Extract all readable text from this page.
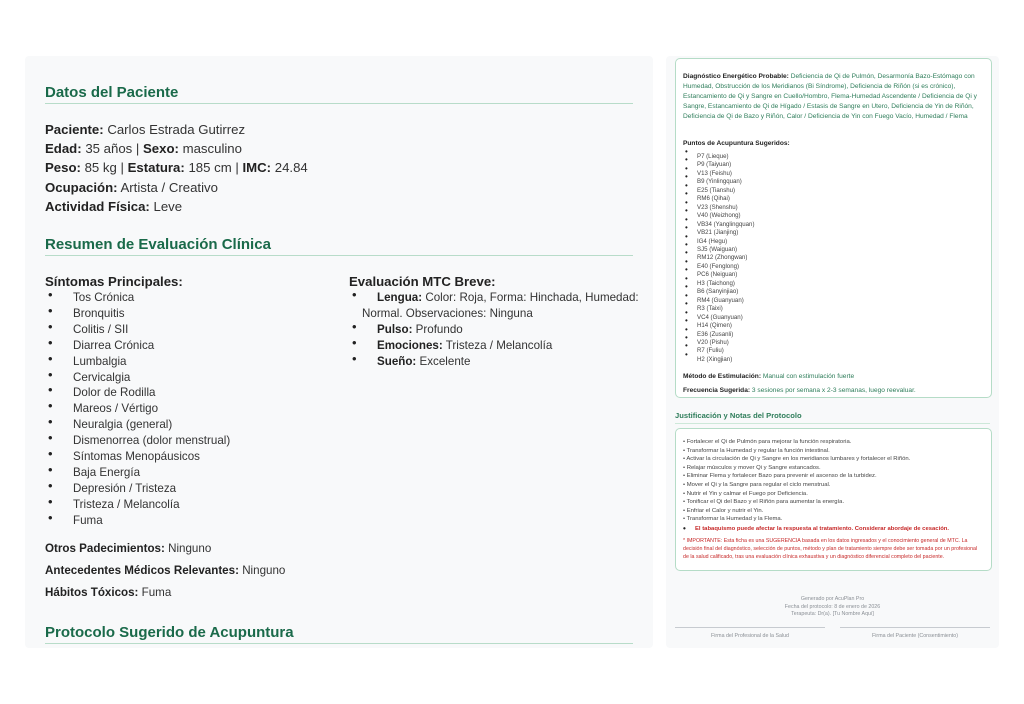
Datos del Paciente
Paciente: Carlos Estrada Gutirrez
Edad: 35 años | Sexo: masculino
Peso: 85 kg | Estatura: 185 cm | IMC: 24.84
Ocupación: Artista / Creativo
Actividad Física: Leve
Resumen de Evaluación Clínica
Síntomas Principales:
• Tos Crónica
• Bronquitis
• Colitis / SII
• Diarrea Crónica
• Lumbalgia
• Cervicalgia
• Dolor de Rodilla
• Mareos / Vértigo
• Neuralgia (general)
• Dismenorrea (dolor menstrual)
• Síntomas Menopáusicos
• Baja Energía
• Depresión / Tristeza
• Tristeza / Melancolía
• Fuma
Evaluación MTC Breve:
• Lengua: Color: Roja, Forma: Hinchada, Humedad: Normal. Observaciones: Ninguna
• Pulso: Profundo
• Emociones: Tristeza / Melancolía
• Sueño: Excelente
Otros Padecimientos: Ninguno
Antecedentes Médicos Relevantes: Ninguno
Hábitos Tóxicos: Fuma
Protocolo Sugerido de Acupuntura
Diagnóstico Energético Probable: Deficiencia de Qi de Pulmón, Desarmonía Bazo-Estómago con Humedad, Obstrucción de los Meridianos (Bi Síndrome), Deficiencia de Riñón (si es crónico), Estancamiento de Qi y Sangre en Cuello/Hombro, Flema-Humedad Ascendente / Deficiencia de Qi y Sangre, Estancamiento de Qi de Hígado / Estasis de Sangre en Utero, Deficiencia de Yin de Riñón, Deficiencia de Qi de Bazo y Riñón, Calor / Deficiencia de Yin con Fuego Vacío, Humedad / Flema
Puntos de Acupuntura Sugeridos:
• P7 (Lieque)
• P9 (Taiyuan)
• V13 (Feishu)
• B9 (Yinlingquan)
• E25 (Tianshu)
• RM6 (Qihai)
• V23 (Shenshu)
• V40 (Weizhong)
• VB34 (Yanglingquan)
• VB21 (Jianjing)
• IG4 (Hegu)
• SJ5 (Waiguan)
• RM12 (Zhongwan)
• E40 (Fenglong)
• PC6 (Neiguan)
• H3 (Taichong)
• B6 (Sanyinjiao)
• RM4 (Guanyuan)
• R3 (Taixi)
• VC4 (Guanyuan)
• H14 (Qimen)
• E36 (Zusanli)
• V20 (Pishu)
• R7 (Fuliu)
• H2 (Xingjian)
Método de Estimulación: Manual con estimulación fuerte
Frecuencia Sugerida: 3 sesiones por semana x 2-3 semanas, luego reevaluar.
Justificación y Notas del Protocolo
• Fortalecer el Qi de Pulmón para mejorar la función respiratoria.
• Transformar la Humedad y regular la función intestinal.
• Activar la circulación de Qi y Sangre en los meridianos lumbares y fortalecer el Riñón.
• Relajar músculos y mover Qi y Sangre estancados.
• Eliminar Flema y fortalecer Bazo para prevenir el ascenso de la turbidez.
• Mover el Qi y la Sangre para regular el ciclo menstrual.
• Nutrir el Yin y calmar el Fuego por Deficiencia.
• Tonificar el Qi del Bazo y el Riñón para aumentar la energía.
• Enfriar el Calor y nutrir el Yin.
• Transformar la Humedad y la Flema.
• El tabaquismo puede afectar la respuesta al tratamiento. Considerar abordaje de cesación.
* IMPORTANTE: Esta ficha es una SUGERENCIA basada en los datos ingresados y el conocimiento general de MTC. La decisión final del diagnóstico, selección de puntos, método y plan de tratamiento siempre debe ser tomada por un profesional de la salud calificado, tras una evaluación clínica exhaustiva y un diagnóstico diferencial completo del paciente.
Generado por AcuPlan Pro
Fecha del protocolo: 8 de enero de 2026
Terapeuta: Dr(a). [Tu Nombre Aquí]
Firma del Profesional de la Salud	Firma del Paciente (Consentimiento)
